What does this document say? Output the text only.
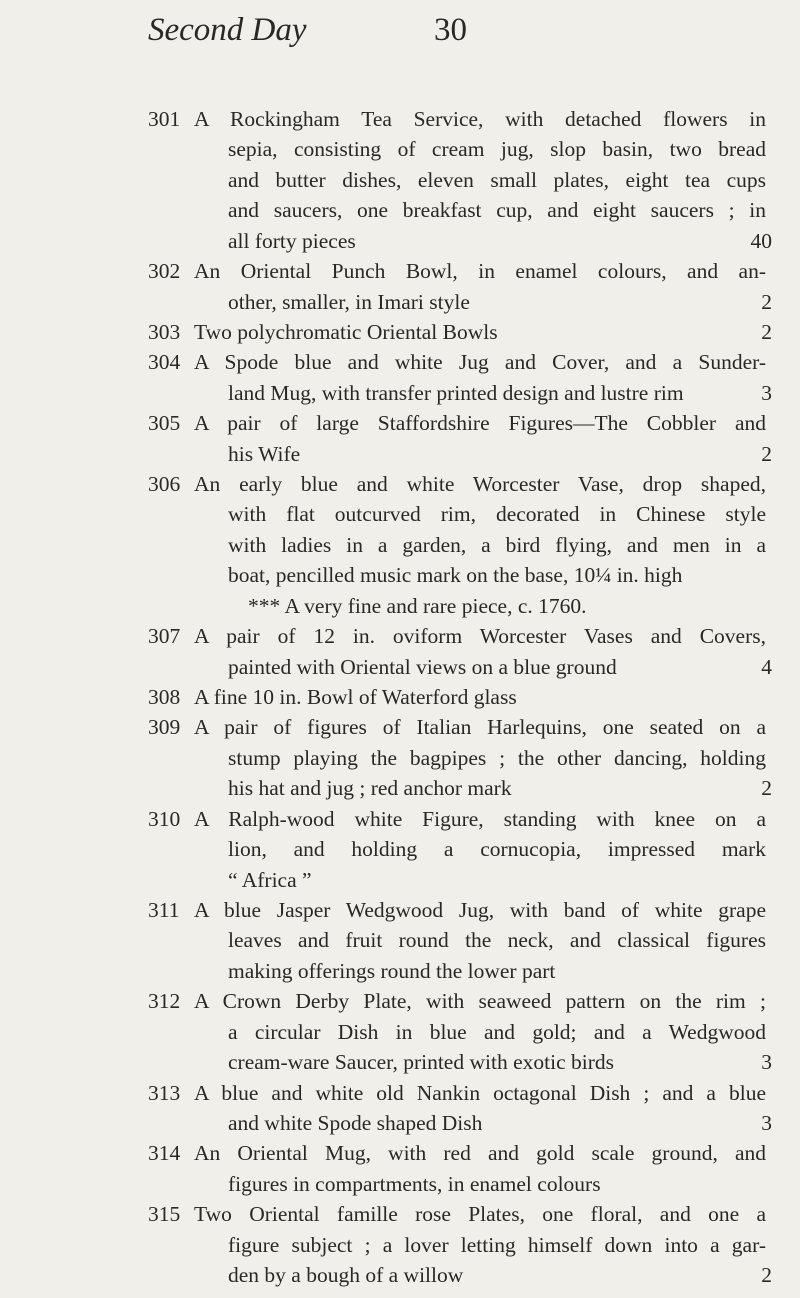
Second Day	30
301 A Rockingham Tea Service, with detached flowers in
sepia, consisting of cream jug, slop basin, two bread
and butter dishes, eleven small plates, eight tea cups
and saucers, one breakfast cup, and eight saucers ; in
all forty pieces	40
302 An Oriental Punch Bowl, in enamel colours, and an-
other, smaller, in Imari style	2
303 Two polychromatic Oriental Bowls	2
304 A Spode blue and white Jug and Cover, and a Sunder-
land Mug, with transfer printed design and lustre rim	3
305 A pair of large Staffordshire Figures—The Cobbler and
his Wife	2
306 An early blue and white Worcester Vase, drop shaped,
with flat outcurved rim, decorated in Chinese style
with ladies in a garden, a bird flying, and men in a
boat, pencilled music mark on the base, 10¼ in. high
*** A very fine and rare piece, c. 1760.
307 A pair of 12 in. oviform Worcester Vases and Covers,
painted with Oriental views on a blue ground	4
308 A fine 10 in. Bowl of Waterford glass
309 A pair of figures of Italian Harlequins, one seated on a
stump playing the bagpipes ; the other dancing, holding
his hat and jug ; red anchor mark	2
310 A Ralph-wood white Figure, standing with knee on a
lion, and holding a cornucopia, impressed mark
“ Africa ”
311 A blue Jasper Wedgwood Jug, with band of white grape
leaves and fruit round the neck, and classical figures
making offerings round the lower part
312 A Crown Derby Plate, with seaweed pattern on the rim ;
a circular Dish in blue and gold; and a Wedgwood
cream-ware Saucer, printed with exotic birds	3
313 A blue and white old Nankin octagonal Dish ; and a blue
and white Spode shaped Dish	3
314 An Oriental Mug, with red and gold scale ground, and
figures in compartments, in enamel colours
315 Two Oriental famille rose Plates, one floral, and one a
figure subject ; a lover letting himself down into a gar-
den by a bough of a willow	2
